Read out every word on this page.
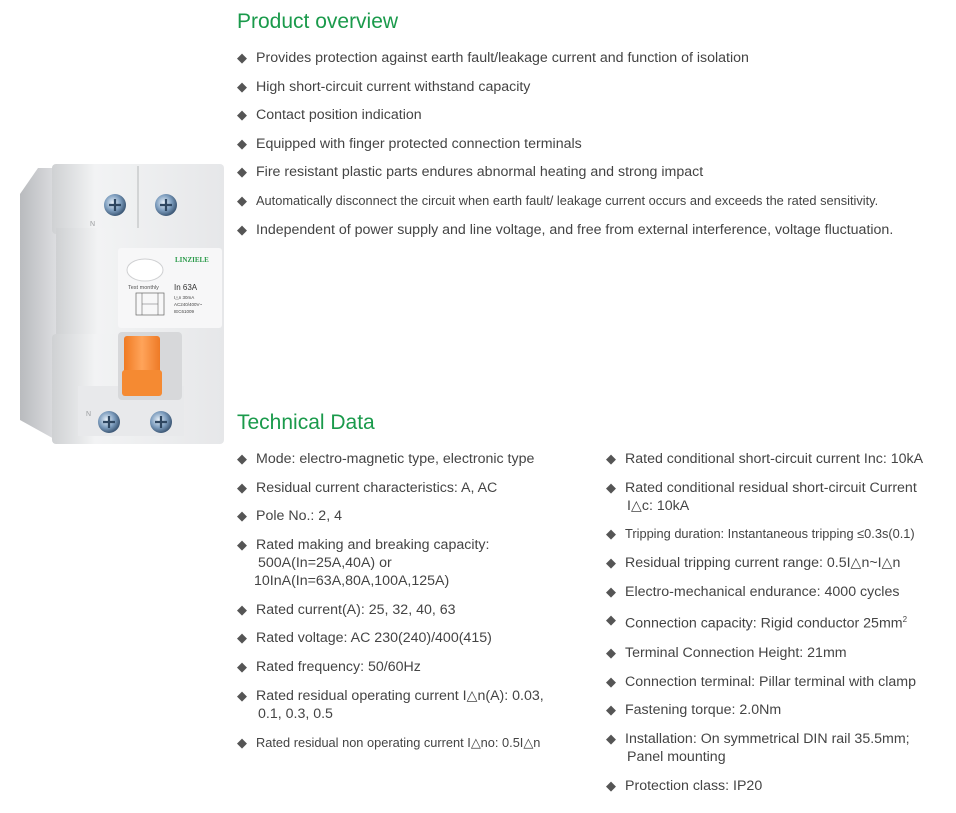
Product overview
◆ Provides protection against earth fault/leakage current and function of isolation
◆ High short-circuit current withstand capacity
◆ Contact position indication
◆ Equipped with finger protected connection terminals
◆ Fire resistant plastic parts endures abnormal heating and strong impact
◆ Automatically disconnect the circuit when earth fault/ leakage current occurs and exceeds the rated sensitivity.
◆ Independent of power supply and line voltage, and free from external interference, voltage fluctuation.
Technical Data
◆ Mode: electro-magnetic type, electronic type
◆ Residual current characteristics: A, AC
◆ Pole No.: 2, 4
◆ Rated making and breaking capacity:
500A(In=25A,40A) or
10InA(In=63A,80A,100A,125A)
◆ Rated current(A): 25, 32, 40, 63
◆ Rated voltage: AC 230(240)/400(415)
◆ Rated frequency: 50/60Hz
◆ Rated residual operating current I△n(A): 0.03,
0.1, 0.3, 0.5
◆ Rated residual non operating current I△no: 0.5I△n
◆ Rated conditional short-circuit current Inc: 10kA
◆ Rated conditional residual short-circuit Current
I△c: 10kA
◆ Tripping duration: Instantaneous tripping ≤0.3s(0.1)
◆ Residual tripping current range: 0.5I△n~I△n
◆ Electro-mechanical endurance: 4000 cycles
◆ Connection capacity: Rigid conductor $25mm^2$
◆ Terminal Connection Height: 21mm
◆ Connection terminal: Pillar terminal with clamp
◆ Fastening torque: 2.0Nm
◆ Installation: On symmetrical DIN rail 35.5mm;
Panel mounting
◆ Protection class: IP20
N
N
LINZIELE
Test monthly In 63A
I△n 30mA
AC240/400V~
IEC61009
